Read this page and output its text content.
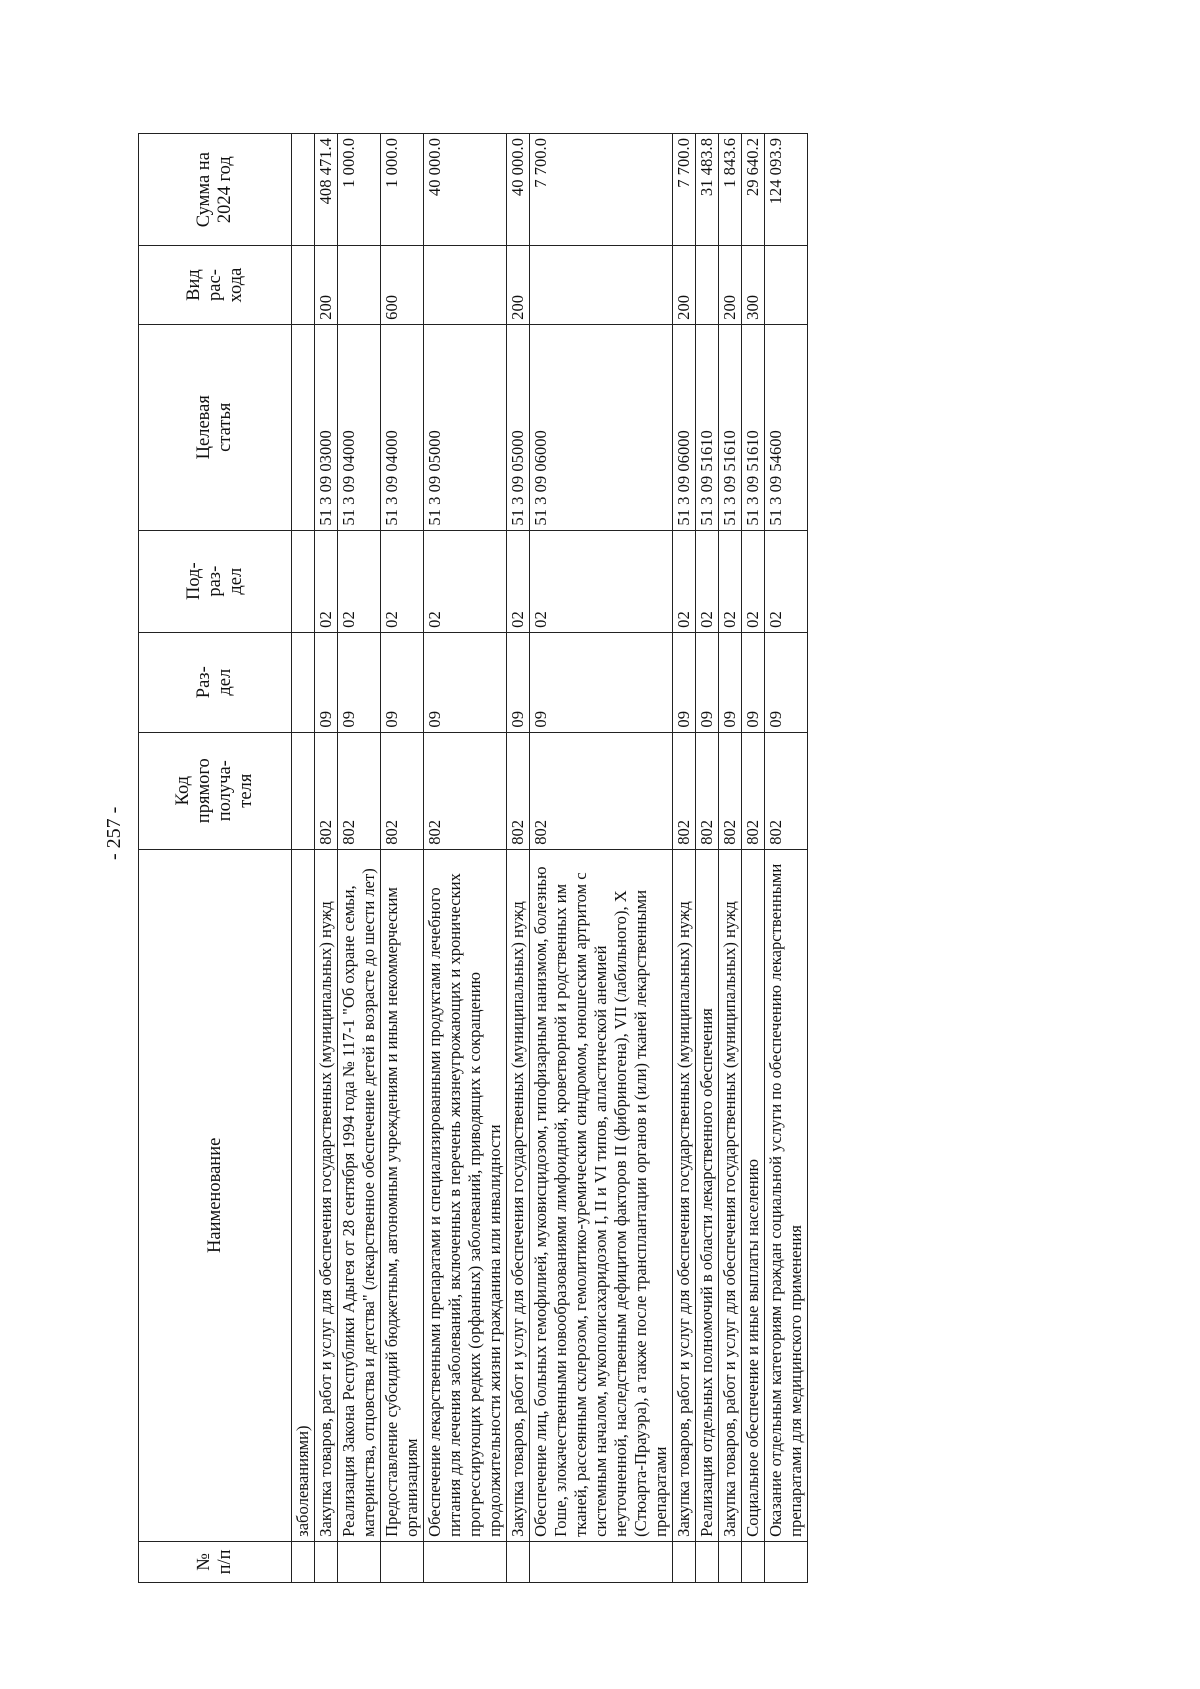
- 257 -
№ п/п	Наименование	Код прямого получа- теля	Раз- дел	Под- раз- дел	Целевая статья	Вид рас- хода	Сумма на 2024 год

	заболеваниями)						
	Закупка товаров, работ и услуг для обеспечения государственных (муниципальных) нужд	802	09	02	51 3 09 03000	200	408 471.4
	Реализация Закона Республики Адыгея от 28 сентября 1994 года № 117-1 "Об охране семьи, материнства, отцовства и детства" (лекарственное обеспечение детей в возрасте до шести лет)	802	09	02	51 3 09 04000		1 000.0
	Предоставление субсидий бюджетным, автономным учреждениям и иным некоммерческим организациям	802	09	02	51 3 09 04000	600	1 000.0
	Обеспечение лекарственными препаратами и специализированными продуктами лечебного питания для лечения заболеваний, включенных в перечень жизнеугрожающих и хронических прогрессирующих редких (орфанных) заболеваний, приводящих к сокращению продолжительности жизни гражданина или инвалидности	802	09	02	51 3 09 05000		40 000.0
	Закупка товаров, работ и услуг для обеспечения государственных (муниципальных) нужд	802	09	02	51 3 09 05000	200	40 000.0
	Обеспечение лиц, больных гемофилией, муковисцидозом, гипофизарным нанизмом, болезнью Гоше, злокачественными новообразованиями лимфоидной, кроветворной и родственных им тканей, рассеянным склерозом, гемолитико-уремическим синдромом, юношеским артритом с системным началом, мукополисахаридозом I, II и VI типов, апластической анемией неуточненной, наследственным дефицитом факторов II (фибриногена), VII (лабильного), X (Стюарта-Прауэра), а также после трансплантации органов и (или) тканей лекарственными препаратами	802	09	02	51 3 09 06000		7 700.0
	Закупка товаров, работ и услуг для обеспечения государственных (муниципальных) нужд	802	09	02	51 3 09 06000	200	7 700.0
	Реализация отдельных полномочий в области лекарственного обеспечения	802	09	02	51 3 09 51610		31 483.8
	Закупка товаров, работ и услуг для обеспечения государственных (муниципальных) нужд	802	09	02	51 3 09 51610	200	1 843.6
	Социальное обеспечение и иные выплаты населению	802	09	02	51 3 09 51610	300	29 640.2
	Оказание отдельным категориям граждан социальной услуги по обеспечению лекарственными препаратами для медицинского применения	802	09	02	51 3 09 54600		124 093.9
